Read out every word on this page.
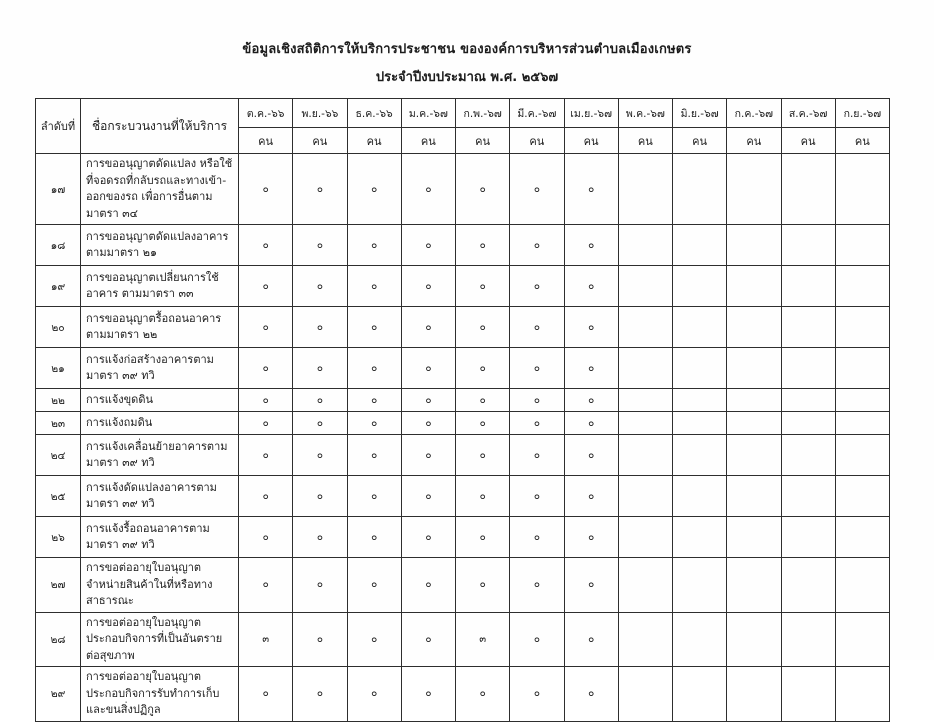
ข้อมูลเชิงสถิติการให้บริการประชาชน ขององค์การบริหารส่วนตำบลเมืองเกษตร
ประจำปีงบประมาณ พ.ศ. ๒๕๖๗
ลำดับที่	ชื่อกระบวนงานที่ให้บริการ	ต.ค.-๖๖	พ.ย.-๖๖	ธ.ค.-๖๖	ม.ค.-๖๗	ก.พ.-๖๗	มี.ค.-๖๗	เม.ย.-๖๗	พ.ค.-๖๗	มิ.ย.-๖๗	ก.ค.-๖๗	ส.ค.-๖๗	ก.ย.-๖๗
		คน	คน	คน	คน	คน	คน	คน	คน	คน	คน	คน	คน
๑๗	การขออนุญาตดัดแปลง หรือใช้ที่จอดรถที่กลับรถและทางเข้า-ออกของรถ เพื่อการอื่นตามมาตรา ๓๔	๐	๐	๐	๐	๐	๐	๐					
๑๘	การขออนุญาตดัดแปลงอาคาร ตามมาตรา ๒๑	๐	๐	๐	๐	๐	๐	๐					
๑๙	การขออนุญาตเปลี่ยนการใช้อาคาร ตามมาตรา ๓๓	๐	๐	๐	๐	๐	๐	๐					
๒๐	การขออนุญาตรื้อถอนอาคาร ตามมาตรา ๒๒	๐	๐	๐	๐	๐	๐	๐					
๒๑	การแจ้งก่อสร้างอาคารตามมาตรา ๓๙ ทวิ	๐	๐	๐	๐	๐	๐	๐					
๒๒	การแจ้งขุดดิน	๐	๐	๐	๐	๐	๐	๐					
๒๓	การแจ้งถมดิน	๐	๐	๐	๐	๐	๐	๐					
๒๔	การแจ้งเคลื่อนย้ายอาคารตามมาตรา ๓๙ ทวิ	๐	๐	๐	๐	๐	๐	๐					
๒๕	การแจ้งดัดแปลงอาคารตามมาตรา ๓๙ ทวิ	๐	๐	๐	๐	๐	๐	๐					
๒๖	การแจ้งรื้อถอนอาคารตามมาตรา ๓๙ ทวิ	๐	๐	๐	๐	๐	๐	๐					
๒๗	การขอต่ออายุใบอนุญาตจำหน่ายสินค้าในที่หรือทางสาธารณะ	๐	๐	๐	๐	๐	๐	๐					
๒๘	การขอต่ออายุใบอนุญาตประกอบกิจการที่เป็นอันตรายต่อสุขภาพ	๓	๐	๐	๐	๓	๐	๐					
๒๙	การขอต่ออายุใบอนุญาตประกอบกิจการรับทำการเก็บและขนสิ่งปฏิกูล	๐	๐	๐	๐	๐	๐	๐					
